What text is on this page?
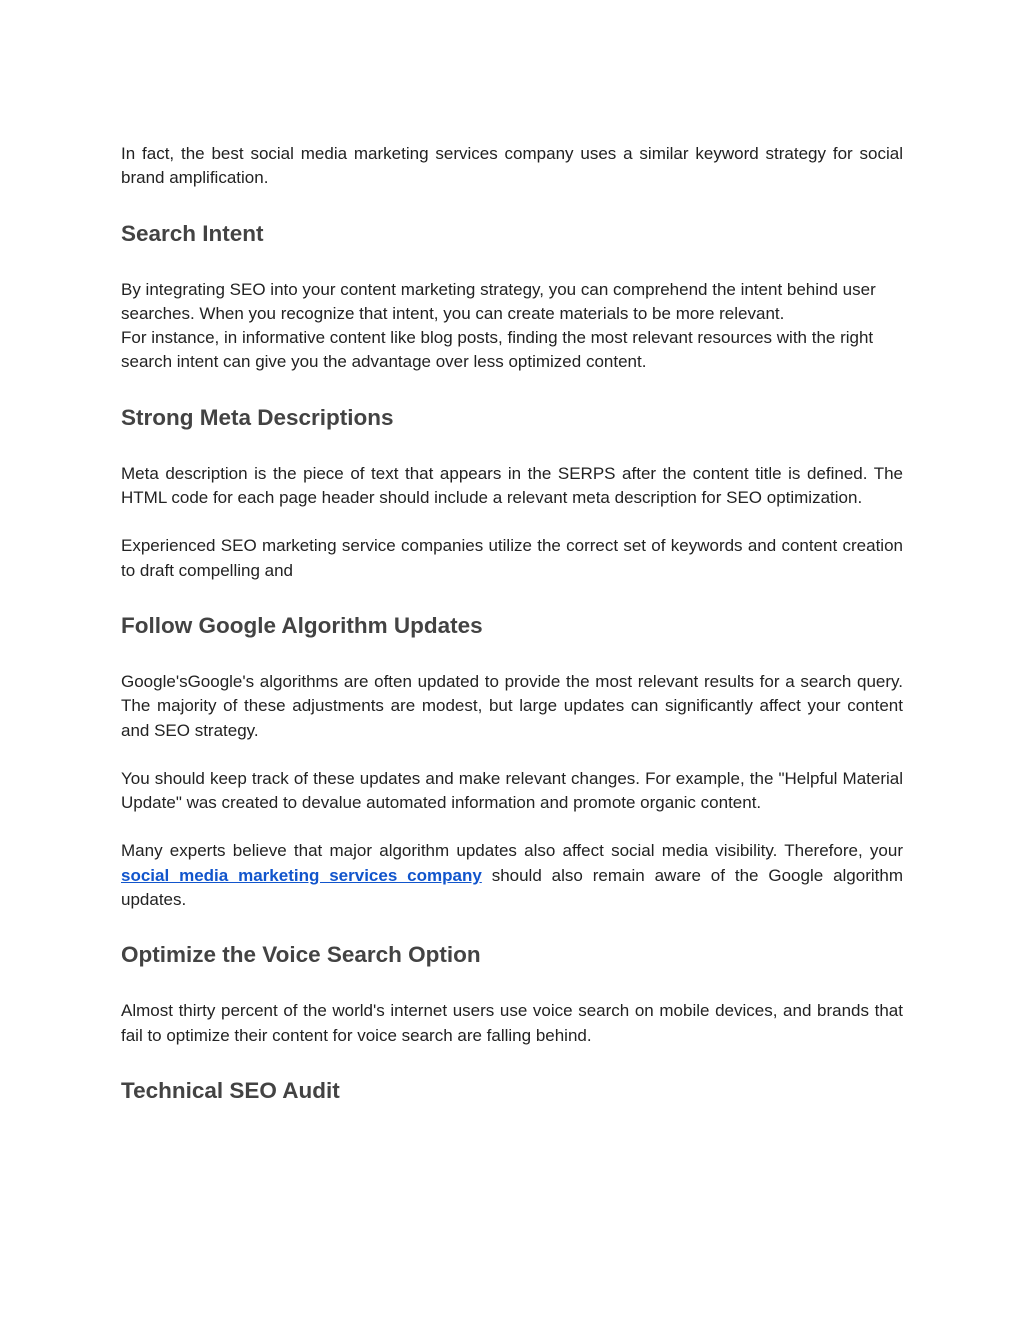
In fact, the best social media marketing services company uses a similar keyword strategy for social brand amplification.

Search Intent

By integrating SEO into your content marketing strategy, you can comprehend the intent behind user searches. When you recognize that intent, you can create materials to be more relevant.

For instance, in informative content like blog posts, finding the most relevant resources with the right search intent can give you the advantage over less optimized content.

Strong Meta Descriptions

Meta description is the piece of text that appears in the SERPS after the content title is defined. The HTML code for each page header should include a relevant meta description for SEO optimization.

Experienced SEO marketing service companies utilize the correct set of keywords and content creation to draft compelling and

Follow Google Algorithm Updates

Google'sGoogle's algorithms are often updated to provide the most relevant results for a search query. The majority of these adjustments are modest, but large updates can significantly affect your content and SEO strategy.

You should keep track of these updates and make relevant changes. For example, the "Helpful Material Update" was created to devalue automated information and promote organic content.

Many experts believe that major algorithm updates also affect social media visibility. Therefore, your social media marketing services company should also remain aware of the Google algorithm updates.

Optimize the Voice Search Option

Almost thirty percent of the world's internet users use voice search on mobile devices, and brands that fail to optimize their content for voice search are falling behind.

Technical SEO Audit
